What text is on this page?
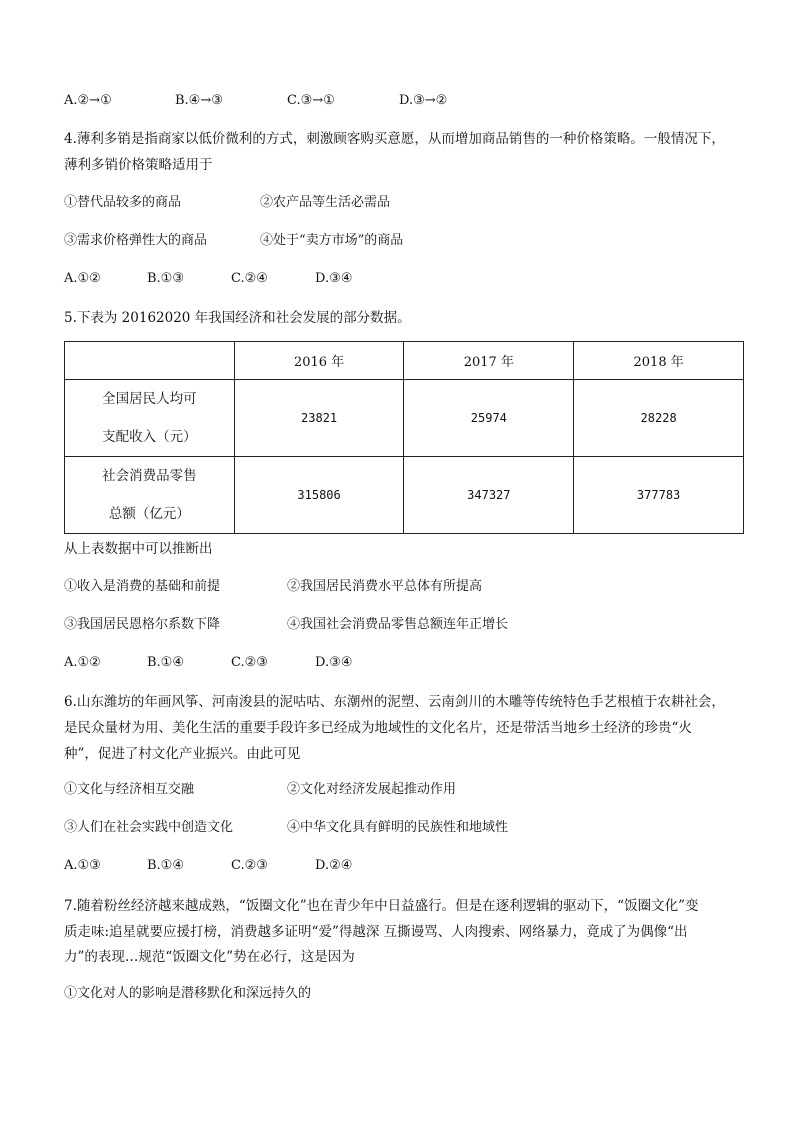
A.②→①	B.④→③	C.③→①	D.③→②
4.薄利多销是指商家以低价微利的方式，刺激顾客购买意愿，从而增加商品销售的一种价格策略。一般情况下，
薄利多销价格策略适用于
①替代品较多的商品	②农产品等生活必需品
③需求价格弹性大的商品	④处于“卖方市场”的商品
A.①②	B.①③	C.②④	D.③④
5.下表为 20162020 年我国经济和社会发展的部分数据。
	2016 年	2017 年	2018 年

全国居民人均可
支配收入（元）	23821	25974	28228

社会消费品零售
总额（亿元）	315806	347327	377783
从上表数据中可以推断出
①收入是消费的基础和前提	②我国居民消费水平总体有所提高
③我国居民恩格尔系数下降	④我国社会消费品零售总额连年正增长
A.①②	B.①④	C.②③	D.③④
6.山东潍坊的年画风筝、河南浚县的泥咕咕、东潮州的泥塑、云南剑川的木雕等传统特色手艺根植于农耕社会，
是民众量材为用、美化生活的重要手段许多已经成为地域性的文化名片，还是带活当地乡土经济的珍贵“火
种”，促进了村文化产业振兴。由此可见
①文化与经济相互交融	②文化对经济发展起推动作用
③人们在社会实践中创造文化	④中华文化具有鲜明的民族性和地域性
A.①③	B.①④	C.②③	D.②④
7.随着粉丝经济越来越成熟，“饭圈文化”也在青少年中日益盛行。但是在逐利逻辑的驱动下，“饭圈文化”变
质走味:追星就要应援打榜，消费越多证明“爱”得越深 互撕谩骂、人肉搜索、网络暴力，竟成了为偶像“出
力”的表现…规范“饭圈文化”势在必行，这是因为
①文化对人的影响是潜移默化和深远持久的
